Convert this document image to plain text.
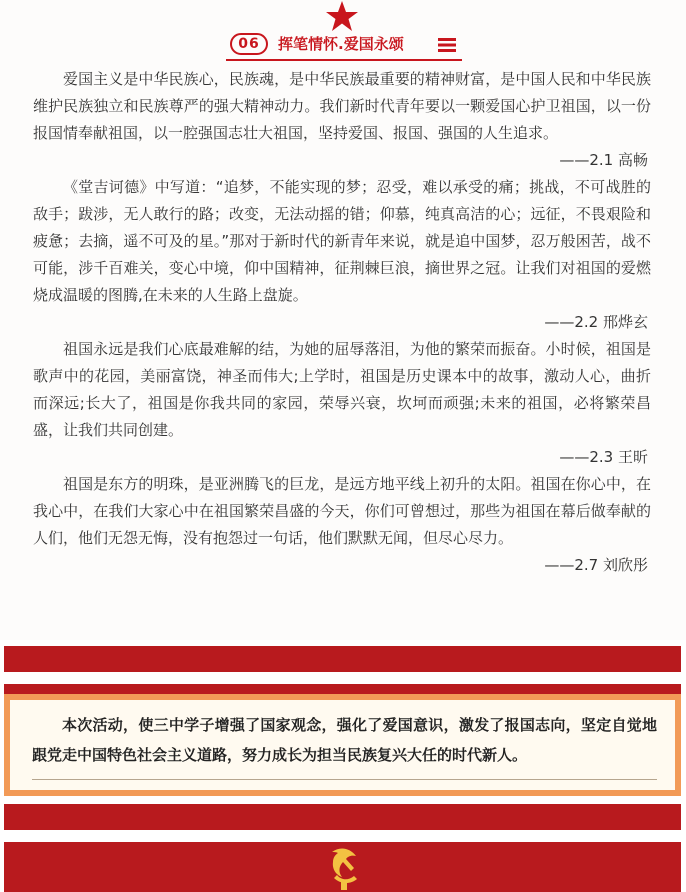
06	挥笔情怀.爱国永颂

爱国主义是中华民族心，民族魂，是中华民族最重要的精神财富，是中国人民和中华民族维护民族独立和民族尊严的强大精神动力。我们新时代青年要以一颗爱国心护卫祖国，以一份报国情奉献祖国，以一腔强国志壮大祖国，坚持爱国、报国、强国的人生追求。

——2.1 高畅

《堂吉诃德》中写道：“追梦，不能实现的梦；忍受，难以承受的痛；挑战，不可战胜的敌手；跋涉，无人敢行的路；改变，无法动摇的错；仰慕，纯真高洁的心；远征，不畏艰险和疲惫；去摘，遥不可及的星。”那对于新时代的新青年来说，就是追中国梦，忍万般困苦，战不可能，涉千百难关，变心中境，仰中国精神，征荆棘巨浪，摘世界之冠。让我们对祖国的爱燃烧成温暖的图腾,在未来的人生路上盘旋。

——2.2 邢烨玄

祖国永远是我们心底最难解的结，为她的屈辱落泪，为他的繁荣而振奋。小时候，祖国是歌声中的花园，美丽富饶，神圣而伟大;上学时，祖国是历史课本中的故事，激动人心，曲折而深远;长大了，祖国是你我共同的家园，荣辱兴衰，坎坷而顽强;未来的祖国，必将繁荣昌盛，让我们共同创建。

——2.3 王昕

祖国是东方的明珠，是亚洲腾飞的巨龙，是远方地平线上初升的太阳。祖国在你心中，在我心中，在我们大家心中在祖国繁荣昌盛的今天，你们可曾想过，那些为祖国在幕后做奉献的人们，他们无怨无悔，没有抱怨过一句话，他们默默无闻，但尽心尽力。

——2.7 刘欣彤

本次活动，使三中学子增强了国家观念，强化了爱国意识，激发了报国志向，坚定自觉地跟党走中国特色社会主义道路，努力成长为担当民族复兴大任的时代新人。
